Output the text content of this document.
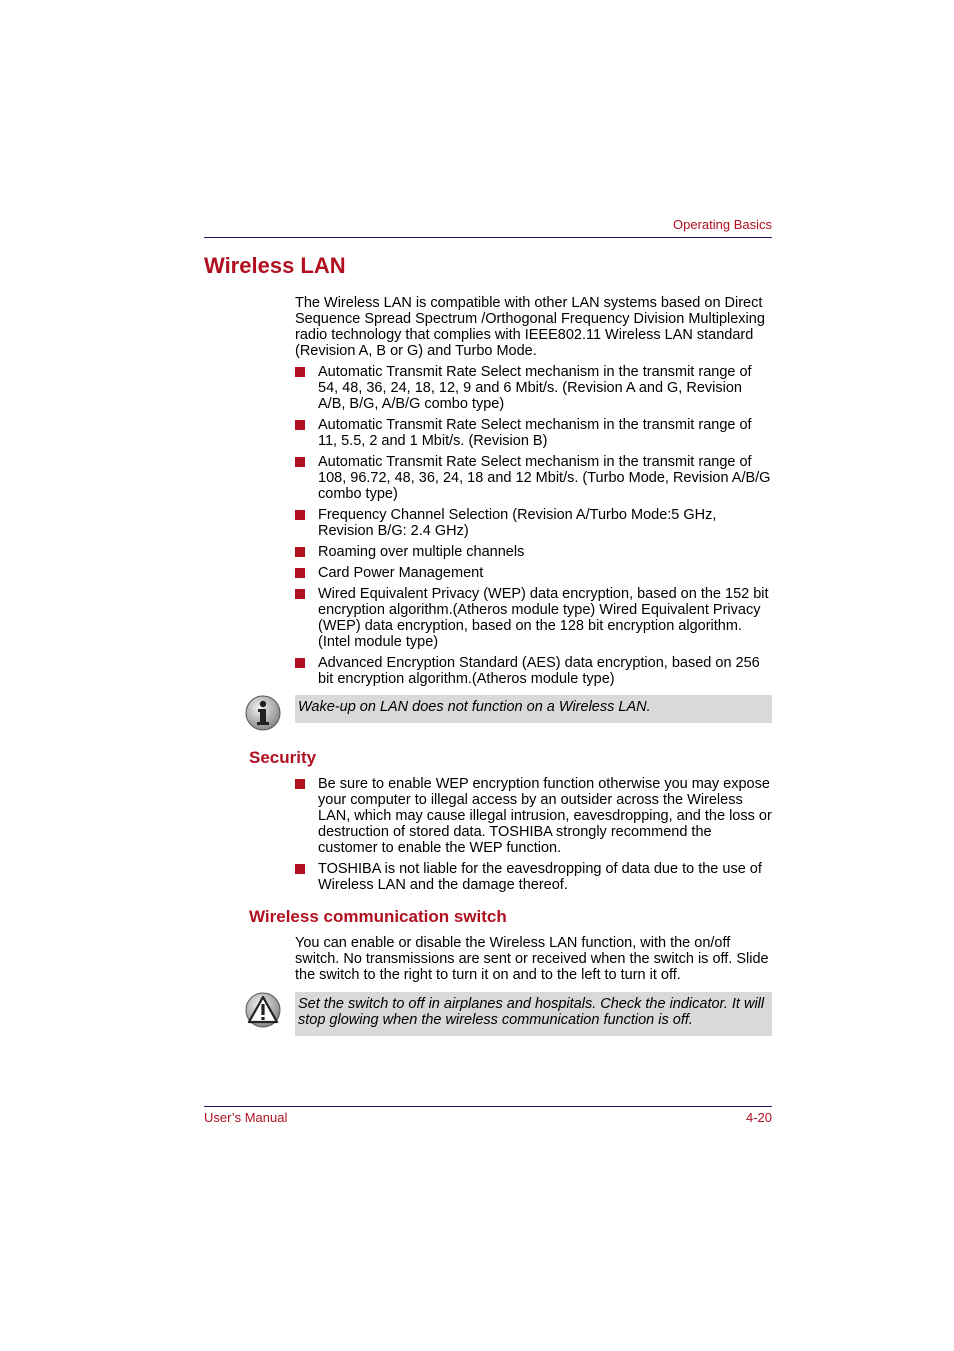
Operating Basics
Wireless LAN

The Wireless LAN is compatible with other LAN systems based on Direct Sequence Spread Spectrum /Orthogonal Frequency Division Multiplexing radio technology that complies with IEEE802.11 Wireless LAN standard (Revision A, B or G) and Turbo Mode.

Automatic Transmit Rate Select mechanism in the transmit range of 54, 48, 36, 24, 18, 12, 9 and 6 Mbit/s. (Revision A and G, Revision A/B, B/G, A/B/G combo type)
Automatic Transmit Rate Select mechanism in the transmit range of 11, 5.5, 2 and 1 Mbit/s. (Revision B)
Automatic Transmit Rate Select mechanism in the transmit range of 108, 96.72, 48, 36, 24, 18 and 12 Mbit/s. (Turbo Mode, Revision A/B/G combo type)
Frequency Channel Selection (Revision A/Turbo Mode:5 GHz, Revision B/G: 2.4 GHz)
Roaming over multiple channels
Card Power Management
Wired Equivalent Privacy (WEP) data encryption, based on the 152 bit encryption algorithm.(Atheros module type) Wired Equivalent Privacy (WEP) data encryption, based on the 128 bit encryption algorithm.(Intel module type)
Advanced Encryption Standard (AES) data encryption, based on 256 bit encryption algorithm.(Atheros module type)
Wake-up on LAN does not function on a Wireless LAN.
Security
Be sure to enable WEP encryption function otherwise you may expose your computer to illegal access by an outsider across the Wireless LAN, which may cause illegal intrusion, eavesdropping, and the loss or destruction of stored data. TOSHIBA strongly recommend the customer to enable the WEP function.
TOSHIBA is not liable for the eavesdropping of data due to the use of Wireless LAN and the damage thereof.
Wireless communication switch

You can enable or disable the Wireless LAN function, with the on/off switch. No transmissions are sent or received when the switch is off. Slide the switch to the right to turn it on and to the left to turn it off.

Set the switch to off in airplanes and hospitals. Check the indicator. It will stop glowing when the wireless communication function is off.
User’s Manual	4-20
